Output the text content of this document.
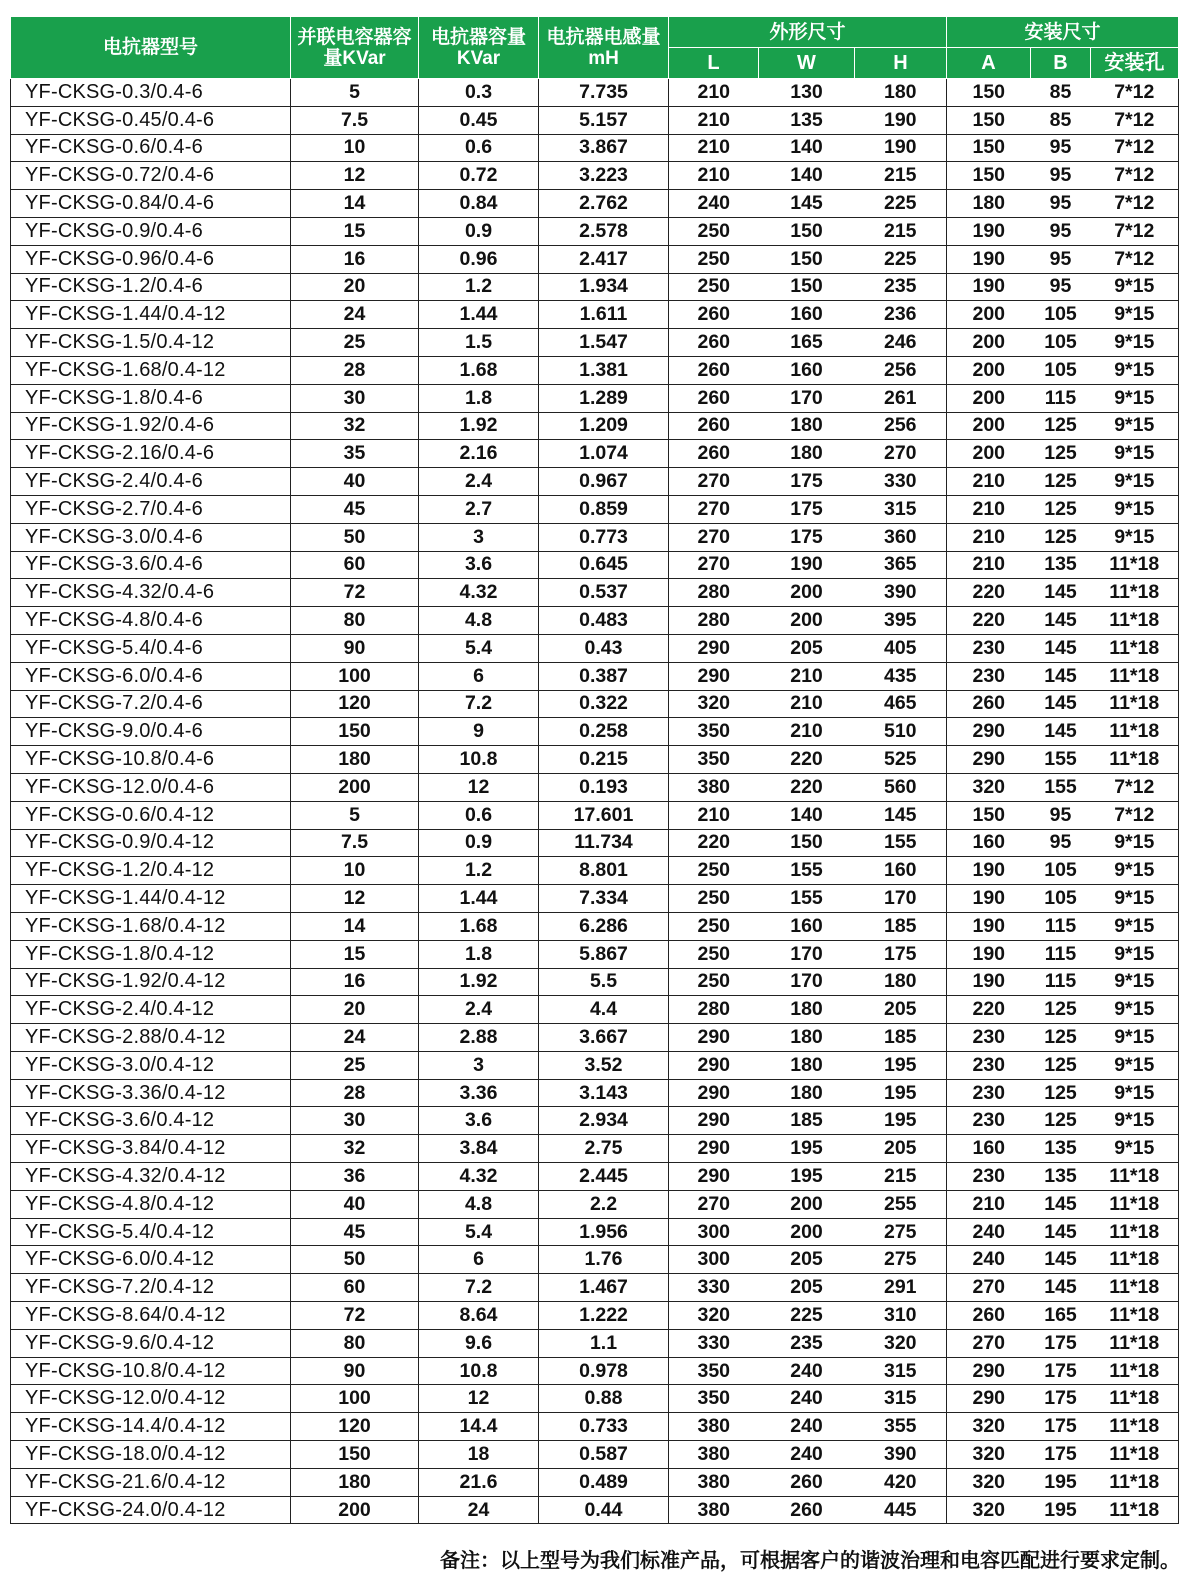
电抗器型号	并联电容器容量KVar	电抗器容量KVar	电抗器电感量mH	外形尺寸			安装尺寸		
				L	W	H	A	B	安装孔
YF-CKSG-0.3/0.4-6	5	0.3	7.735	210	130	180	150	85	7*12
YF-CKSG-0.45/0.4-6	7.5	0.45	5.157	210	135	190	150	85	7*12
YF-CKSG-0.6/0.4-6	10	0.6	3.867	210	140	190	150	95	7*12
YF-CKSG-0.72/0.4-6	12	0.72	3.223	210	140	215	150	95	7*12
YF-CKSG-0.84/0.4-6	14	0.84	2.762	240	145	225	180	95	7*12
YF-CKSG-0.9/0.4-6	15	0.9	2.578	250	150	215	190	95	7*12
YF-CKSG-0.96/0.4-6	16	0.96	2.417	250	150	225	190	95	7*12
YF-CKSG-1.2/0.4-6	20	1.2	1.934	250	150	235	190	95	9*15
YF-CKSG-1.44/0.4-12	24	1.44	1.611	260	160	236	200	105	9*15
YF-CKSG-1.5/0.4-12	25	1.5	1.547	260	165	246	200	105	9*15
YF-CKSG-1.68/0.4-12	28	1.68	1.381	260	160	256	200	105	9*15
YF-CKSG-1.8/0.4-6	30	1.8	1.289	260	170	261	200	115	9*15
YF-CKSG-1.92/0.4-6	32	1.92	1.209	260	180	256	200	125	9*15
YF-CKSG-2.16/0.4-6	35	2.16	1.074	260	180	270	200	125	9*15
YF-CKSG-2.4/0.4-6	40	2.4	0.967	270	175	330	210	125	9*15
YF-CKSG-2.7/0.4-6	45	2.7	0.859	270	175	315	210	125	9*15
YF-CKSG-3.0/0.4-6	50	3	0.773	270	175	360	210	125	9*15
YF-CKSG-3.6/0.4-6	60	3.6	0.645	270	190	365	210	135	11*18
YF-CKSG-4.32/0.4-6	72	4.32	0.537	280	200	390	220	145	11*18
YF-CKSG-4.8/0.4-6	80	4.8	0.483	280	200	395	220	145	11*18
YF-CKSG-5.4/0.4-6	90	5.4	0.43	290	205	405	230	145	11*18
YF-CKSG-6.0/0.4-6	100	6	0.387	290	210	435	230	145	11*18
YF-CKSG-7.2/0.4-6	120	7.2	0.322	320	210	465	260	145	11*18
YF-CKSG-9.0/0.4-6	150	9	0.258	350	210	510	290	145	11*18
YF-CKSG-10.8/0.4-6	180	10.8	0.215	350	220	525	290	155	11*18
YF-CKSG-12.0/0.4-6	200	12	0.193	380	220	560	320	155	7*12
YF-CKSG-0.6/0.4-12	5	0.6	17.601	210	140	145	150	95	7*12
YF-CKSG-0.9/0.4-12	7.5	0.9	11.734	220	150	155	160	95	9*15
YF-CKSG-1.2/0.4-12	10	1.2	8.801	250	155	160	190	105	9*15
YF-CKSG-1.44/0.4-12	12	1.44	7.334	250	155	170	190	105	9*15
YF-CKSG-1.68/0.4-12	14	1.68	6.286	250	160	185	190	115	9*15
YF-CKSG-1.8/0.4-12	15	1.8	5.867	250	170	175	190	115	9*15
YF-CKSG-1.92/0.4-12	16	1.92	5.5	250	170	180	190	115	9*15
YF-CKSG-2.4/0.4-12	20	2.4	4.4	280	180	205	220	125	9*15
YF-CKSG-2.88/0.4-12	24	2.88	3.667	290	180	185	230	125	9*15
YF-CKSG-3.0/0.4-12	25	3	3.52	290	180	195	230	125	9*15
YF-CKSG-3.36/0.4-12	28	3.36	3.143	290	180	195	230	125	9*15
YF-CKSG-3.6/0.4-12	30	3.6	2.934	290	185	195	230	125	9*15
YF-CKSG-3.84/0.4-12	32	3.84	2.75	290	195	205	160	135	9*15
YF-CKSG-4.32/0.4-12	36	4.32	2.445	290	195	215	230	135	11*18
YF-CKSG-4.8/0.4-12	40	4.8	2.2	270	200	255	210	145	11*18
YF-CKSG-5.4/0.4-12	45	5.4	1.956	300	200	275	240	145	11*18
YF-CKSG-6.0/0.4-12	50	6	1.76	300	205	275	240	145	11*18
YF-CKSG-7.2/0.4-12	60	7.2	1.467	330	205	291	270	145	11*18
YF-CKSG-8.64/0.4-12	72	8.64	1.222	320	225	310	260	165	11*18
YF-CKSG-9.6/0.4-12	80	9.6	1.1	330	235	320	270	175	11*18
YF-CKSG-10.8/0.4-12	90	10.8	0.978	350	240	315	290	175	11*18
YF-CKSG-12.0/0.4-12	100	12	0.88	350	240	315	290	175	11*18
YF-CKSG-14.4/0.4-12	120	14.4	0.733	380	240	355	320	175	11*18
YF-CKSG-18.0/0.4-12	150	18	0.587	380	240	390	320	175	11*18
YF-CKSG-21.6/0.4-12	180	21.6	0.489	380	260	420	320	195	11*18
YF-CKSG-24.0/0.4-12	200	24	0.44	380	260	445	320	195	11*18
备注：以上型号为我们标准产品，可根据客户的谐波治理和电容匹配进行要求定制。
